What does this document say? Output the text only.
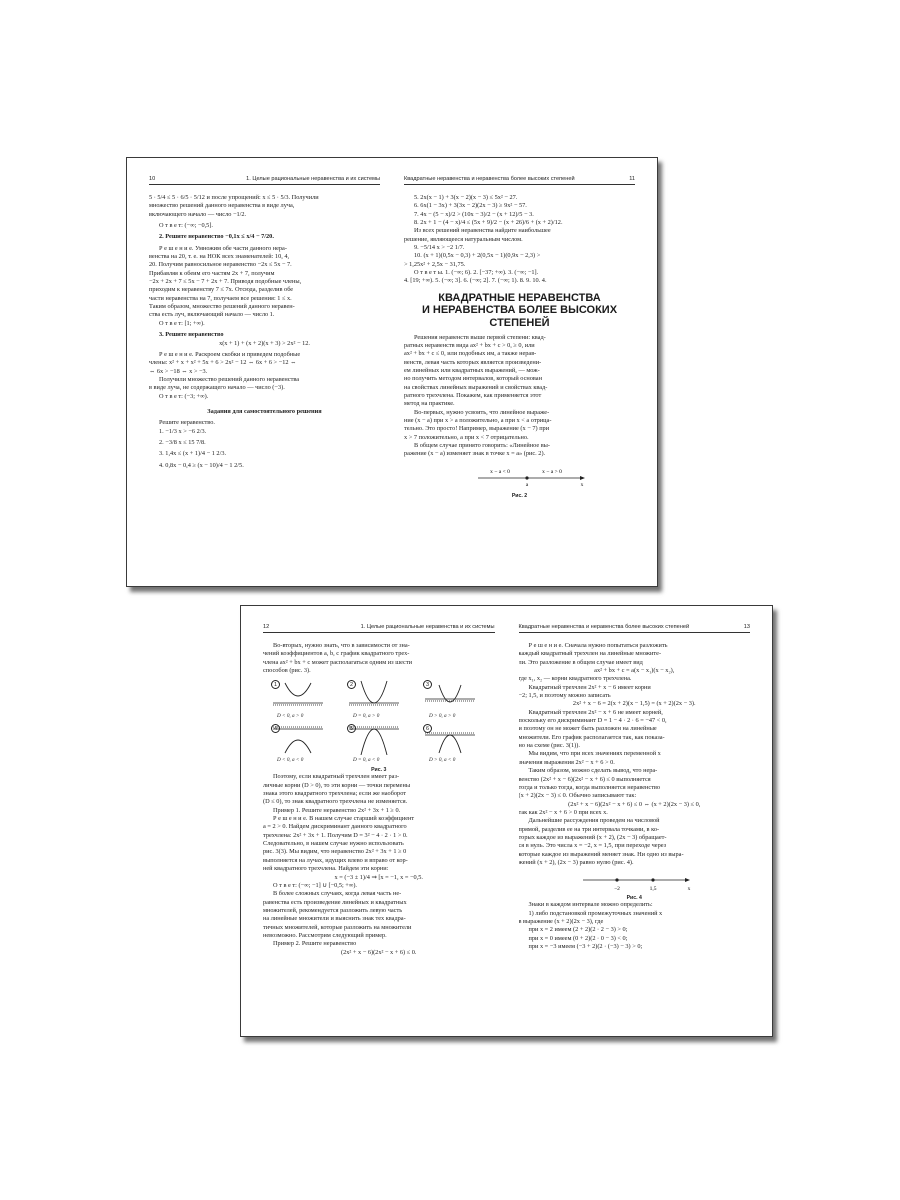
10	1. Целые рациональные неравенства и их системы
5 · 5/4 ≤ 5 · 6/5 · 5/12 и после упрощений: x ≤ 5 · 5/3. Получили
множество решений данного неравенства в виде луча,
включающего начало — число −1/2.
О т в е т: (−∞; −0,5].
2. Решите неравенство −0,1x ≤ x/4 − 7/20.
Р е ш е н и е. Умножим обе части данного нера-
венства на 20, т. е. на НОК всех знаменателей: 10, 4,
20. Получим равносильное неравенство −2x ≤ 5x − 7.
Прибавляя к обеим его частям 2x + 7, получим
−2x + 2x + 7 ≤ 5x − 7 + 2x + 7. Приводя подобные члены,
приходим к неравенству 7 ≤ 7x. Отсюда, разделив обе
части неравенства на 7, получаем все решения: 1 ≤ x.
Таким образом, множество решений данного неравен-
ства есть луч, включающий начало — число 1.
О т в е т: [1; +∞).
3. Решите неравенство
x(x + 1) + (x + 2)(x + 3) > 2x² − 12.
Р е ш е н и е. Раскроем скобки и приведем подобные
члены: x² + x + x² + 5x + 6 > 2x² − 12 ⇔ 6x + 6 > −12 ⇔
⇔ 6x > −18 ⇔ x > −3.
Получили множество решений данного неравенства
в виде луча, не содержащего начало — число (−3).
О т в е т: (−3; +∞).
Задания для самостоятельного решения
Решите неравенство.
1. −1/3 x > −6 2/3.
2. −3/8 x ≤ 15 7/8.
3. 1,4x ≤ (x + 1)/4 − 1 2/3.
4. 0,8x − 0,4 ≥ (x − 10)/4 − 1 2/5.
Квадратные неравенства и неравенства более высоких степеней	11
5. 2x(x − 1) + 3(x − 2)(x − 3) ≤ 5x² − 27.
6. 6x(1 − 3x) + 3(3x − 2)(2x − 3) ≥ 9x² − 57.
7. 4x − (5 − x)/2 > (10x − 3)/2 − (x + 12)/5 − 3.
8. 2x + 1 − (4 − x)/4 ≤ (5x + 9)/2 − (x + 26)/6 + (x + 2)/12.
Из всех решений неравенства найдите наибольшее
решение, являющееся натуральным числом.
9. −5/14 x > −2 1/7.
10. (x + 1)(0,5x − 0,3) + 2(0,5x − 1)(0,9x − 2,3) >
> 1,25x² + 2,5x − 31,75.
О т в е т ы. 1. (−∞; 6). 2. [−37; +∞). 3. (−∞; −1].
4. [19; +∞). 5. (−∞; 3]. 6. (−∞; 2]. 7. (−∞; 1). 8. 9. 10. 4.
КВАДРАТНЫЕ НЕРАВЕНСТВА
И НЕРАВЕНСТВА БОЛЕЕ ВЫСОКИХ
СТЕПЕНЕЙ
Решения неравенств выше первой степени: квад-
ратных неравенств вида ax² + bx + c > 0, ≥ 0, или
ax² + bx + c ≤ 0, или подобных им, а также нерав-
венств, левая часть которых является произведени-
ем линейных или квадратных выражений, — мож-
но получить методом интервалов, который основан
на свойствах линейных выражений и свойствах квад-
ратного трехчлена. Покажем, как применяется этот
метод на практике.
Во-первых, нужно усвоить, что линейное выраже-
ние (x − a) при x > a положительно, а при x < a отрица-
тельно. Это просто! Например, выражение (x − 7) при
x > 7 положительно, а при x < 7 отрицательно.
В общем случае принято говорить: «Линейное вы-
ражение (x − a) изменяет знак в точке x = a» (рис. 2).
x − a < 0	x − a > 0
a	x
Рис. 2
12	1. Целые рациональные неравенства и их системы
Во-вторых, нужно знать, что в зависимости от зна-
чений коэффициентов a, b, c график квадратного трех-
члена ax² + bx + c может располагаться одним из шести
способов (рис. 3).
1
D < 0, a > 0
2
D = 0, a > 0
3
D > 0, a > 0
4
D < 0, a < 0
5
D = 0, a < 0
6
D > 0, a < 0
Рис. 3
Поэтому, если квадратный трехчлен имеет раз-
личные корни (D > 0), то эти корни — точки перемены
знака этого квадратного трехчлена; если же наоборот
(D ≤ 0), то знак квадратного трехчлена не изменяется.
Пример 1. Решите неравенство 2x² + 3x + 1 ≥ 0.
Р е ш е н и е. В нашем случае старший коэффициент
a = 2 > 0. Найдем дискриминант данного квадратного
трехчлена: 2x² + 3x + 1. Получим D = 3² − 4 · 2 · 1 > 0.
Следовательно, в нашем случае нужно использовать
рис. 3(3). Мы видим, что неравенство 2x² + 3x + 1 ≥ 0
выполняется на лучах, идущих влево и вправо от кор-
ней квадратного трехчлена. Найдем эти корни:
x = (−3 ± 1)/4 ⇒ [x = −1, x = −0,5.
О т в е т: (−∞; −1] ∪ [−0,5; +∞).
В более сложных случаях, когда левая часть не-
равенства есть произведение линейных и квадратных
множителей, рекомендуется разложить левую часть
на линейные множители и выяснить знак тех квадра-
тичных множителей, которые разложить на множители
невозможно. Рассмотрим следующий пример.
Пример 2. Решите неравенство
(2x² + x − 6)(2x² − x + 6) ≤ 0.
Квадратные неравенства и неравенства более высоких степеней	13
Р е ш е н и е. Сначала нужно попытаться разложить
каждый квадратный трехчлен на линейные множите-
ли. Это разложение в общем случае имеет вид
ax² + bx + c = a(x − x₁)(x − x₂),
где x₁, x₂ — корни квадратного трехчлена.
Квадратный трехчлен 2x² + x − 6 имеет корни
−2; 1,5, и поэтому можно записать
2x² + x − 6 = 2(x + 2)(x − 1,5) = (x + 2)(2x − 3).
Квадратный трехчлен 2x² − x + 6 не имеет корней,
поскольку его дискриминант D = 1 − 4 · 2 · 6 = −47 < 0,
и поэтому он не может быть разложен на линейные
множители. Его график располагается так, как показа-
но на схеме (рис. 3(1)).
Мы видим, что при всех значениях переменной x
значения выражения 2x² − x + 6 > 0.
Таким образом, можно сделать вывод, что нера-
венство (2x² + x − 6)(2x² − x + 6) ≤ 0 выполняется
тогда и только тогда, когда выполняется неравенство
(x + 2)(2x − 3) ≤ 0. Обычно записывают так:
(2x² + x − 6)(2x² − x + 6) ≤ 0 ⇔ (x + 2)(2x − 3) ≤ 0,
так как 2x² − x + 6 > 0 при всех x.
Дальнейшие рассуждения проведем на числовой
прямой, разделив ее на три интервала точками, в ко-
торых каждое из выражений (x + 2), (2x − 3) обращает-
ся в нуль. Это числа x = −2, x = 1,5, при переходе через
которые каждое из выражений меняет знак. Ни одно из выра-
жений (x + 2), (2x − 3) равно нулю (рис. 4).
−2	1,5	x
Рис. 4
Знаки в каждом интервале можно определить:
1) либо подстановкой промежуточных значений x
в выражение (x + 2)(2x − 3), где
при x = 2 имеем (2 + 2)(2 · 2 − 3) > 0;
при x = 0 имеем (0 + 2)(2 · 0 − 3) < 0;
при x = −3 имеем (−3 + 2)(2 · (−3) − 3) > 0;
